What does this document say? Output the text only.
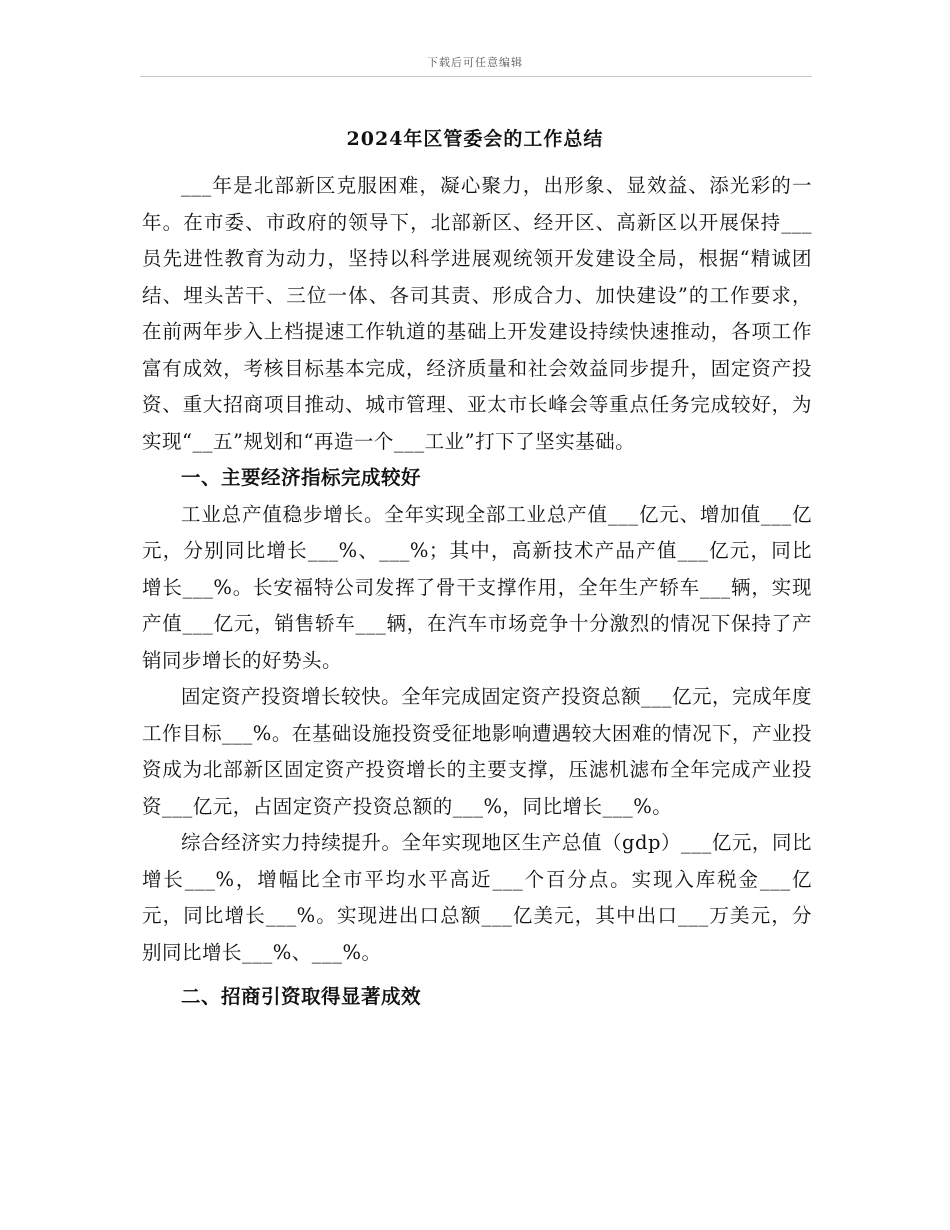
下载后可任意编辑
2024年区管委会的工作总结

___年是北部新区克服困难，凝心聚力，出形象、显效益、添光彩的一年。在市委、市政府的领导下，北部新区、经开区、高新区以开展保持___员先进性教育为动力，坚持以科学进展观统领开发建设全局，根据“精诚团结、埋头苦干、三位一体、各司其责、形成合力、加快建设”的工作要求，在前两年步入上档提速工作轨道的基础上开发建设持续快速推动，各项工作富有成效，考核目标基本完成，经济质量和社会效益同步提升，固定资产投资、重大招商项目推动、城市管理、亚太市长峰会等重点任务完成较好，为实现“__五”规划和“再造一个___工业”打下了坚实基础。

一、主要经济指标完成较好

工业总产值稳步增长。全年实现全部工业总产值___亿元、增加值___亿元，分别同比增长___%、___%；其中，高新技术产品产值___亿元，同比增长___%。长安福特公司发挥了骨干支撑作用，全年生产轿车___辆，实现产值___亿元，销售轿车___辆，在汽车市场竞争十分激烈的情况下保持了产销同步增长的好势头。

固定资产投资增长较快。全年完成固定资产投资总额___亿元，完成年度工作目标___%。在基础设施投资受征地影响遭遇较大困难的情况下，产业投资成为北部新区固定资产投资增长的主要支撑，压滤机滤布全年完成产业投资___亿元，占固定资产投资总额的___%，同比增长___%。

综合经济实力持续提升。全年实现地区生产总值（gdp）___亿元，同比增长___%，增幅比全市平均水平高近___个百分点。实现入库税金___亿元，同比增长___%。实现进出口总额___亿美元，其中出口___万美元，分别同比增长___%、___%。

二、招商引资取得显著成效
